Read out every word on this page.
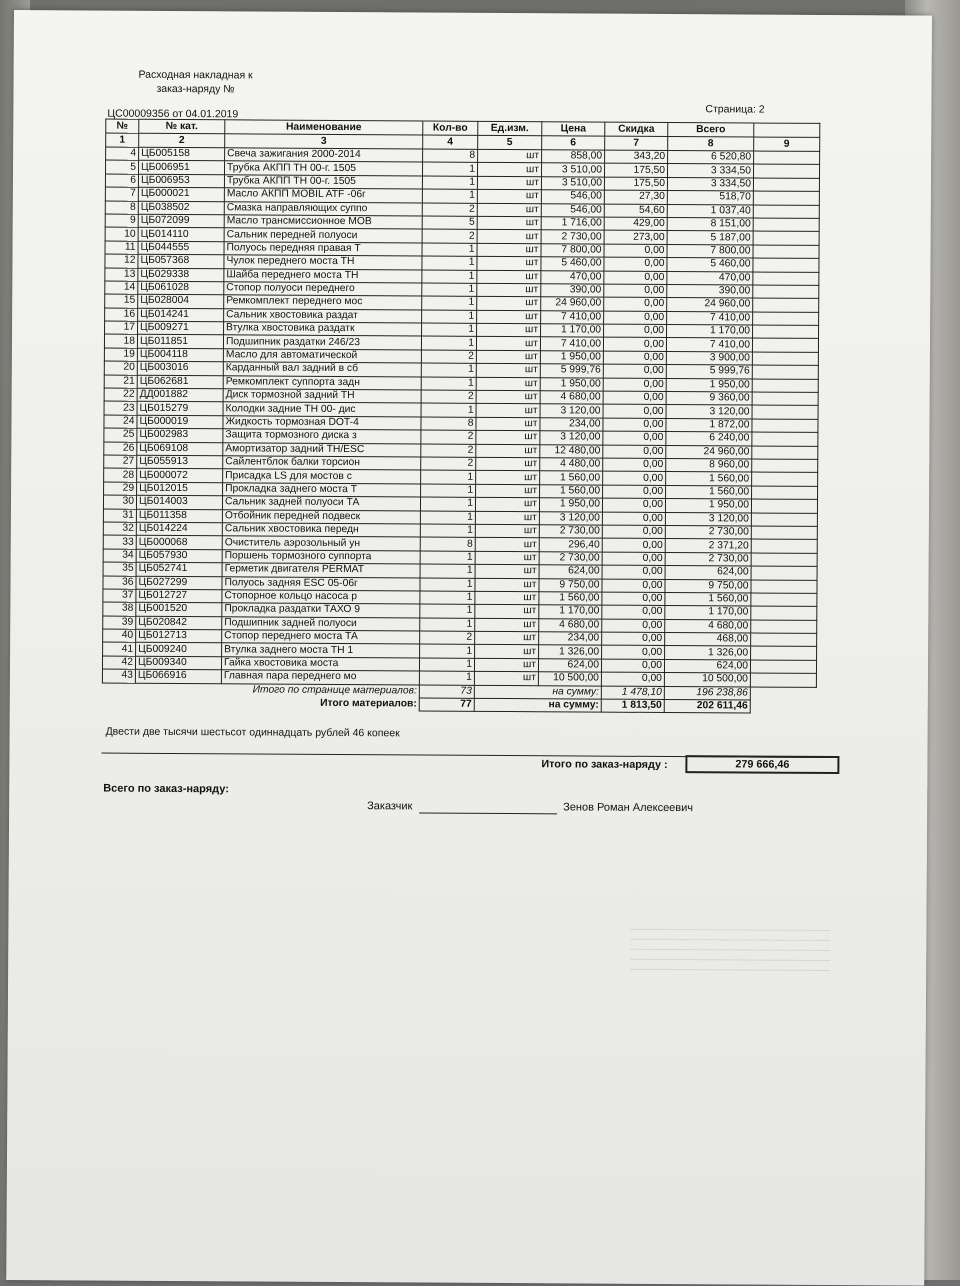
Расходная накладная к
заказ-наряду №
ЦС00009356 от 04.01.2019	Страница: 2
№	№ кат.	Наименование	Кол-во	Ед.изм.	Цена	Скидка	Всего	
1	2	3	4	5	6	7	8	9
4	ЦБ005158	Свеча зажигания 2000-2014	8	шт	858,00	343,20	6 520,80	
5	ЦБ006951	Трубка АКПП ТН 00-г. 1505	1	шт	3 510,00	175,50	3 334,50	
6	ЦБ006953	Трубка АКПП ТН 00-г. 1505	1	шт	3 510,00	175,50	3 334,50	
7	ЦБ000021	Масло АКПП MOBIL ATF -06г	1	шт	546,00	27,30	518,70	
8	ЦБ038502	Смазка направляющих суппо	2	шт	546,00	54,60	1 037,40	
9	ЦБ072099	Масло трансмиссионное MOB	5	шт	1 716,00	429,00	8 151,00	
10	ЦБ014110	Сальник передней полуоси	2	шт	2 730,00	273,00	5 187,00	
11	ЦБ044555	Полуось передняя правая Т	1	шт	7 800,00	0,00	7 800,00	
12	ЦБ057368	Чулок переднего моста ТН	1	шт	5 460,00	0,00	5 460,00	
13	ЦБ029338	Шайба переднего моста ТН	1	шт	470,00	0,00	470,00	
14	ЦБ061028	Стопор полуоси переднего	1	шт	390,00	0,00	390,00	
15	ЦБ028004	Ремкомплект переднего мос	1	шт	24 960,00	0,00	24 960,00	
16	ЦБ014241	Сальник хвостовика раздат	1	шт	7 410,00	0,00	7 410,00	
17	ЦБ009271	Втулка хвостовика раздатк	1	шт	1 170,00	0,00	1 170,00	
18	ЦБ011851	Подшипник раздатки 246/23	1	шт	7 410,00	0,00	7 410,00	
19	ЦБ004118	Масло для автоматической	2	шт	1 950,00	0,00	3 900,00	
20	ЦБ003016	Карданный вал задний в сб	1	шт	5 999,76	0,00	5 999,76	
21	ЦБ062681	Ремкомплект суппорта задн	1	шт	1 950,00	0,00	1 950,00	
22	ДД001882	Диск тормозной задний ТН	2	шт	4 680,00	0,00	9 360,00	
23	ЦБ015279	Колодки задние ТН 00- дис	1	шт	3 120,00	0,00	3 120,00	
24	ЦБ000019	Жидкость тормозная DOT-4	8	шт	234,00	0,00	1 872,00	
25	ЦБ002983	Защита тормозного диска з	2	шт	3 120,00	0,00	6 240,00	
26	ЦБ069108	Амортизатор задний TH/ESC	2	шт	12 480,00	0,00	24 960,00	
27	ЦБ055913	Сайлентблок балки торсион	2	шт	4 480,00	0,00	8 960,00	
28	ЦБ000072	Присадка LS для мостов с	1	шт	1 560,00	0,00	1 560,00	
29	ЦБ012015	Прокладка заднего моста Т	1	шт	1 560,00	0,00	1 560,00	
30	ЦБ014003	Сальник задней полуоси ТА	1	шт	1 950,00	0,00	1 950,00	
31	ЦБ011358	Отбойник передней подвеск	1	шт	3 120,00	0,00	3 120,00	
32	ЦБ014224	Сальник хвостовика передн	1	шт	2 730,00	0,00	2 730,00	
33	ЦБ000068	Очиститель аэрозольный ун	8	шт	296,40	0,00	2 371,20	
34	ЦБ057930	Поршень тормозного суппорта	1	шт	2 730,00	0,00	2 730,00	
35	ЦБ052741	Герметик двигателя PERMAT	1	шт	624,00	0,00	624,00	
36	ЦБ027299	Полуось задняя ESC 05-06г	1	шт	9 750,00	0,00	9 750,00	
37	ЦБ012727	Стопорное кольцо насоса р	1	шт	1 560,00	0,00	1 560,00	
38	ЦБ001520	Прокладка раздатки ТАХО 9	1	шт	1 170,00	0,00	1 170,00	
39	ЦБ020842	Подшипник задней полуоси	1	шт	4 680,00	0,00	4 680,00	
40	ЦБ012713	Стопор переднего моста ТА	2	шт	234,00	0,00	468,00	
41	ЦБ009240	Втулка заднего моста ТН 1	1	шт	1 326,00	0,00	1 326,00	
42	ЦБ009340	Гайка хвостовика моста	1	шт	624,00	0,00	624,00	
43	ЦБ066916	Главная пара переднего мо	1	шт	10 500,00	0,00	10 500,00	
Итого по странице материалов:			73	на сумму:		1 478,10	196 238,86	
Итого материалов:			77	на сумму:		1 813,50	202 611,46	
Двести две тысячи шестьсот одиннадцать рублей 46 копеек
Итого по заказ-наряду :	279 666,46
Всего по заказ-наряду:
Заказчик	Зенов Роман Алексеевич
